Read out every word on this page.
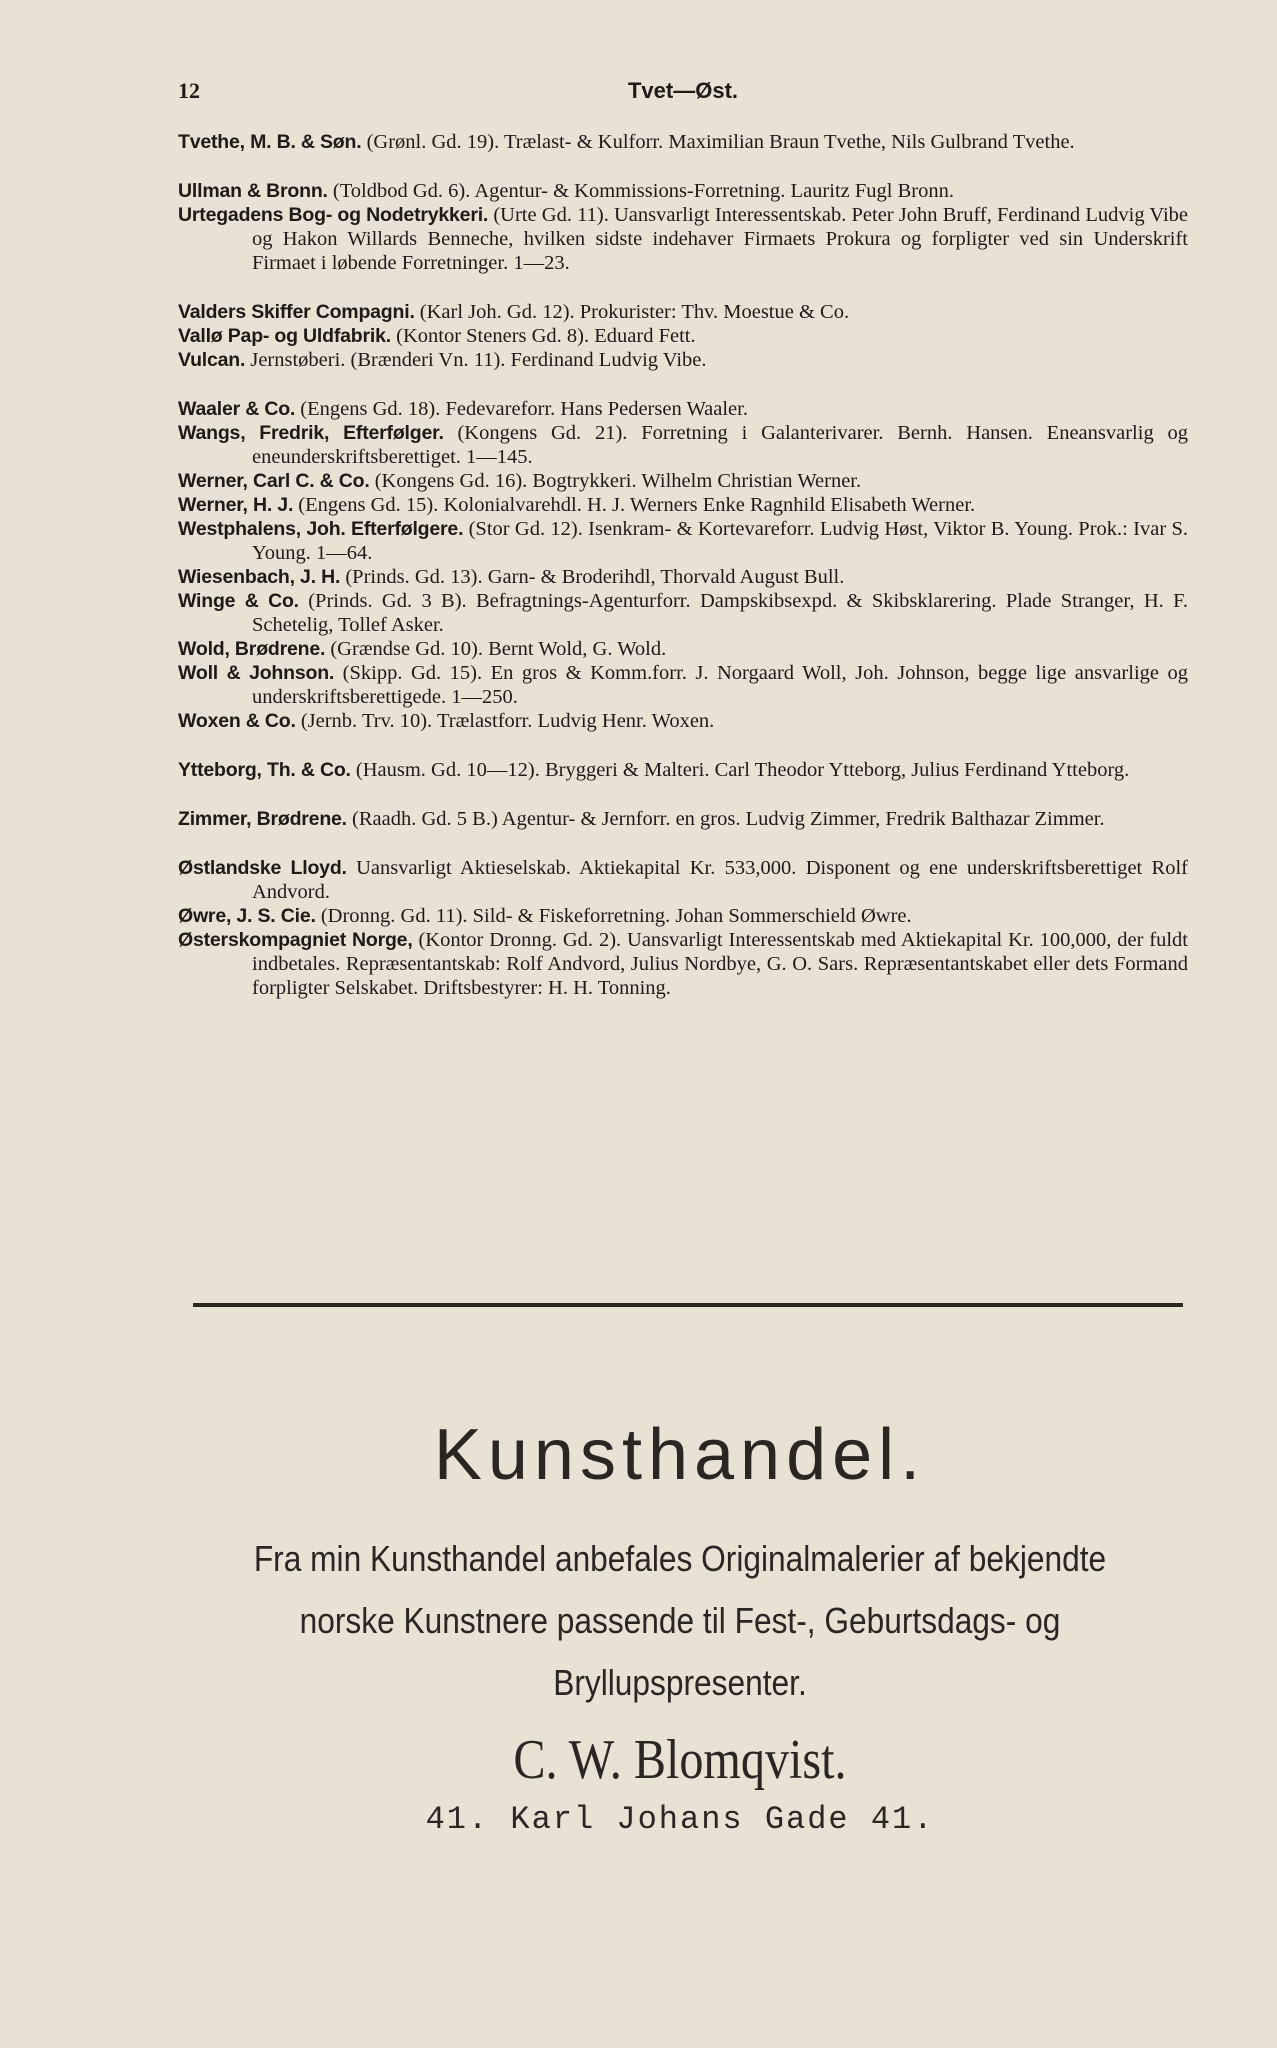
12	Tvet—Øst.

Tvethe, M. B. & Søn. (Grønl. Gd. 19). Trælast- & Kulforr. Maximilian Braun Tvethe, Nils Gulbrand Tvethe.

Ullman & Bronn. (Toldbod Gd. 6). Agentur- & Kommissions-Forretning. Lauritz Fugl Bronn.

Urtegadens Bog- og Nodetrykkeri. (Urte Gd. 11). Uansvarligt Interessentskab. Peter John Bruff, Ferdinand Ludvig Vibe og Hakon Willards Benneche, hvilken sidste indehaver Firmaets Prokura og forpligter ved sin Underskrift Firmaet i løbende Forretninger. 1—23.

Valders Skiffer Compagni. (Karl Joh. Gd. 12). Prokurister: Thv. Moestue & Co.

Vallø Pap- og Uldfabrik. (Kontor Steners Gd. 8). Eduard Fett.

Vulcan. Jernstøberi. (Brænderi Vn. 11). Ferdinand Ludvig Vibe.

Waaler & Co. (Engens Gd. 18). Fedevareforr. Hans Pedersen Waaler.

Wangs, Fredrik, Efterfølger. (Kongens Gd. 21). Forretning i Galanterivarer. Bernh. Hansen. Eneansvarlig og eneunderskriftsberettiget. 1—145.

Werner, Carl C. & Co. (Kongens Gd. 16). Bogtrykkeri. Wilhelm Christian Werner.

Werner, H. J. (Engens Gd. 15). Kolonialvarehdl. H. J. Werners Enke Ragnhild Elisabeth Werner.

Westphalens, Joh. Efterfølgere. (Stor Gd. 12). Isenkram- & Kortevareforr. Ludvig Høst, Viktor B. Young. Prok.: Ivar S. Young. 1—64.

Wiesenbach, J. H. (Prinds. Gd. 13). Garn- & Broderihdl, Thorvald August Bull.

Winge & Co. (Prinds. Gd. 3 B). Befragtnings-Agenturforr. Dampskibsexpd. & Skibsklarering. Plade Stranger, H. F. Schetelig, Tollef Asker.

Wold, Brødrene. (Grændse Gd. 10). Bernt Wold, G. Wold.

Woll & Johnson. (Skipp. Gd. 15). En gros & Komm.forr. J. Norgaard Woll, Joh. Johnson, begge lige ansvarlige og underskriftsberettigede. 1—250.

Woxen & Co. (Jernb. Trv. 10). Trælastforr. Ludvig Henr. Woxen.

Ytteborg, Th. & Co. (Hausm. Gd. 10—12). Bryggeri & Malteri. Carl Theodor Ytteborg, Julius Ferdinand Ytteborg.

Zimmer, Brødrene. (Raadh. Gd. 5 B.) Agentur- & Jernforr. en gros. Ludvig Zimmer, Fredrik Balthazar Zimmer.

Østlandske Lloyd. Uansvarligt Aktieselskab. Aktiekapital Kr. 533,000. Disponent og ene underskriftsberettiget Rolf Andvord.

Øwre, J. S. Cie. (Dronng. Gd. 11). Sild- & Fiskeforretning. Johan Sommerschield Øwre.

Østerskompagniet Norge, (Kontor Dronng. Gd. 2). Uansvarligt Interessentskab med Aktiekapital Kr. 100,000, der fuldt indbetales. Repræsentantskab: Rolf Andvord, Julius Nordbye, G. O. Sars. Repræsentantskabet eller dets Formand forpligter Selskabet. Driftsbestyrer: H. H. Tonning.

Kunsthandel.
Fra min Kunsthandel anbefales Originalmalerier af bekjendte
norske Kunstnere passende til Fest-, Geburtsdags- og
Bryllupspresenter.
C. W. Blomqvist.
41. Karl Johans Gade 41.
